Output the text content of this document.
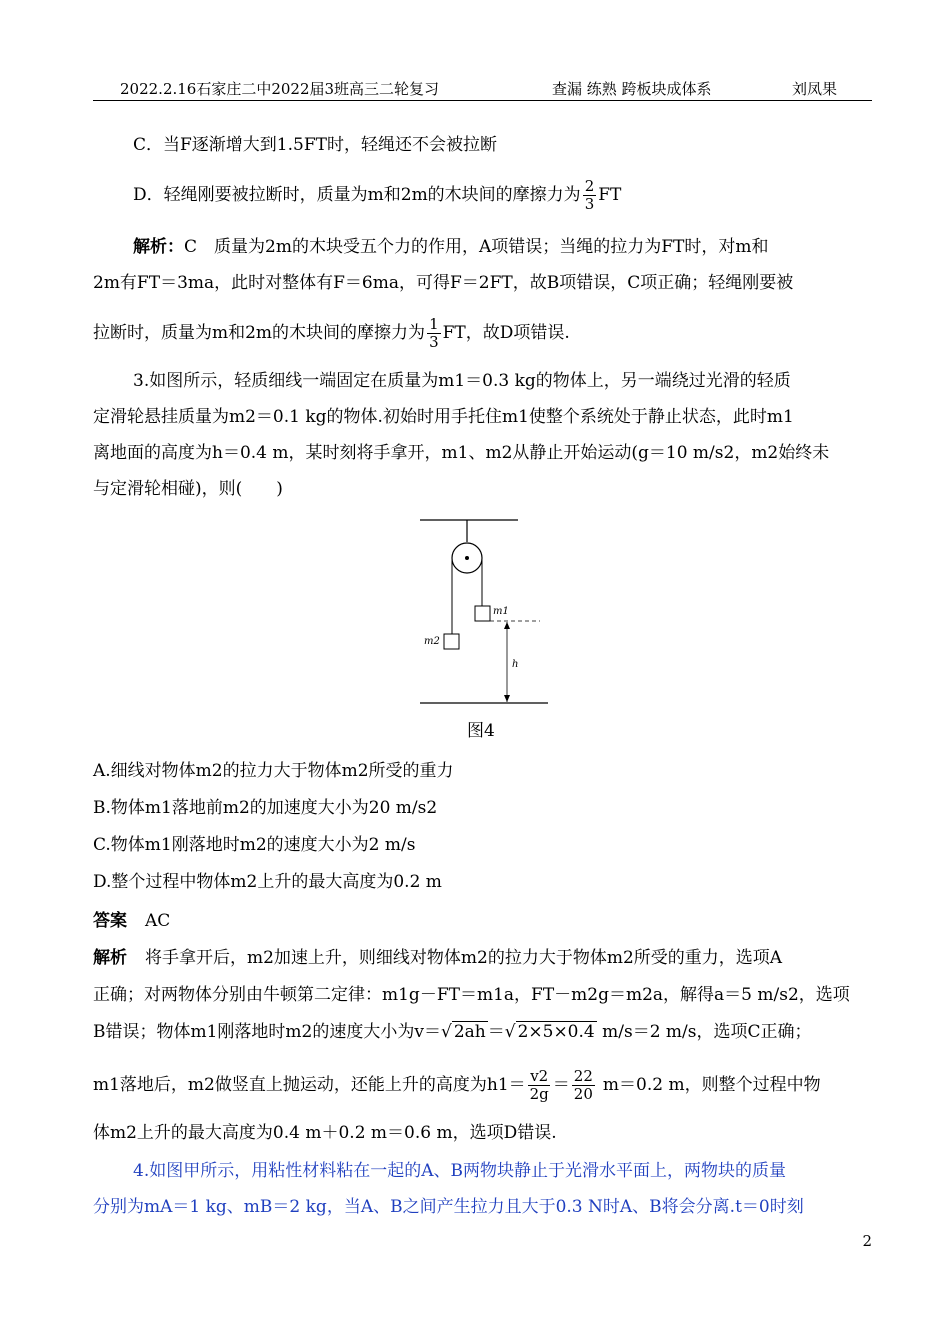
2022.2.16石家庄二中2022届3班高三二轮复习	查漏 练熟 跨板块成体系	刘凤果
C．当F逐渐增大到1.5FT时，轻绳还不会被拉断
D．轻绳刚要被拉断时，质量为m和2m的木块间的摩擦力为 $\frac{2}{3}$ FT
解析：C　质量为2m的木块受五个力的作用，A项错误；当绳的拉力为FT时，对m和
2m有FT＝3ma，此时对整体有F＝6ma，可得F＝2FT，故B项错误，C项正确；轻绳刚要被
拉断时，质量为m和2m的木块间的摩擦力为 $\frac{1}{3}$ FT，故D项错误.
3.如图所示，轻质细线一端固定在质量为m1＝0.3 kg的物体上，另一端绕过光滑的轻质
定滑轮悬挂质量为m2＝0.1 kg的物体.初始时用手托住m1使整个系统处于静止状态，此时m1
离地面的高度为h＝0.4 m，某时刻将手拿开，m1、m2从静止开始运动(g＝10 m/s2，m2始终未
与定滑轮相碰)，则(　　)
m1
m2
h
图4
A.细线对物体m2的拉力大于物体m2所受的重力
B.物体m1落地前m2的加速度大小为20 m/s2
C.物体m1刚落地时m2的速度大小为2 m/s
D.整个过程中物体m2上升的最大高度为0.2 m
答案 AC
解析 将手拿开后，m2加速上升，则细线对物体m2的拉力大于物体m2所受的重力，选项A
正确；对两物体分别由牛顿第二定律：m1g－FT＝m1a，FT－m2g＝m2a，解得a＝5 m/s2，选项
B错误；物体m1刚落地时m2的速度大小为v＝√ 2ah ＝√ 2×5×0.4 m/s＝2 m/s，选项C正确；
m1落地后，m2做竖直上抛运动，还能上升的高度为$h1= \frac{v2}{2g} = \frac{22}{20} m=0.2$ m，则整个过程中物
体m2上升的最大高度为0.4 m＋0.2 m＝0.6 m，选项D错误.
4.如图甲所示，用粘性材料粘在一起的A、B两物块静止于光滑水平面上，两物块的质量
分别为mA＝1 kg、mB＝2 kg，当A、B之间产生拉力且大于0.3 N时A、B将会分离.t＝0时刻
2
